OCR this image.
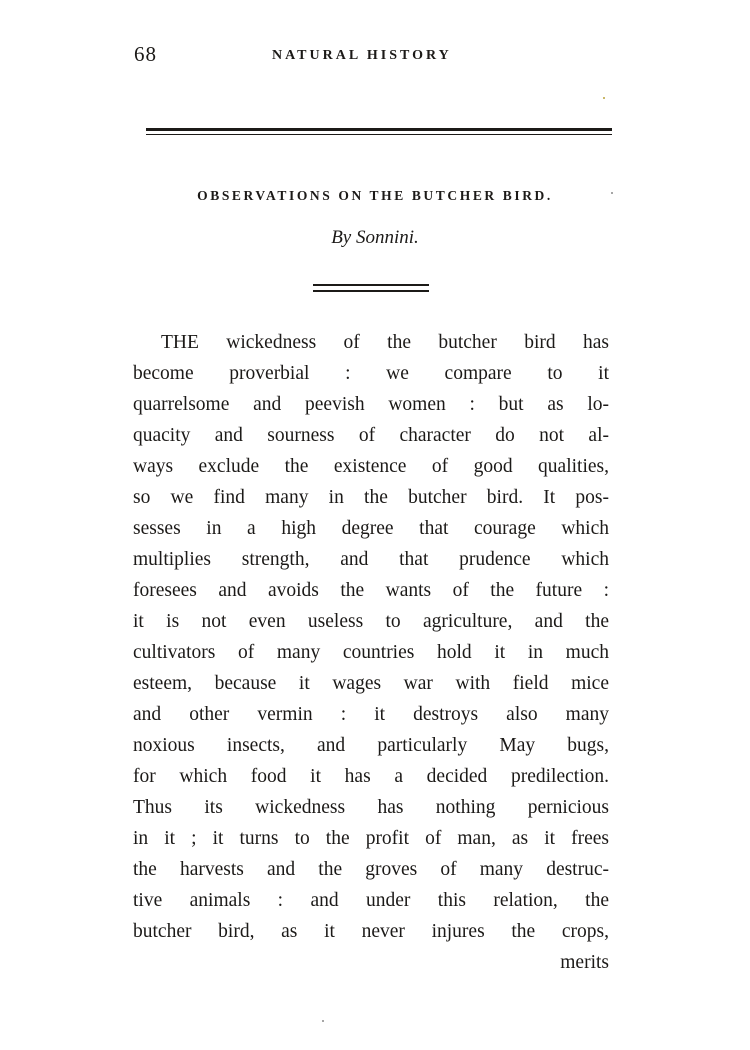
68	NATURAL HISTORY
OBSERVATIONS ON THE BUTCHER BIRD.
By Sonnini.
THE wickedness of the butcher bird has
become proverbial : we compare to it
quarrelsome and peevish women : but as lo-
quacity and sourness of character do not al-
ways exclude the existence of good qualities,
so we find many in the butcher bird. It pos-
sesses in a high degree that courage which
multiplies strength, and that prudence which
foresees and avoids the wants of the future :
it is not even useless to agriculture, and the
cultivators of many countries hold it in much
esteem, because it wages war with field mice
and other vermin : it destroys also many
noxious insects, and particularly May bugs,
for which food it has a decided predilection.
Thus its wickedness has nothing pernicious
in it ; it turns to the profit of man, as it frees
the harvests and the groves of many destruc-
tive animals : and under this relation, the
butcher bird, as it never injures the crops,
merits
